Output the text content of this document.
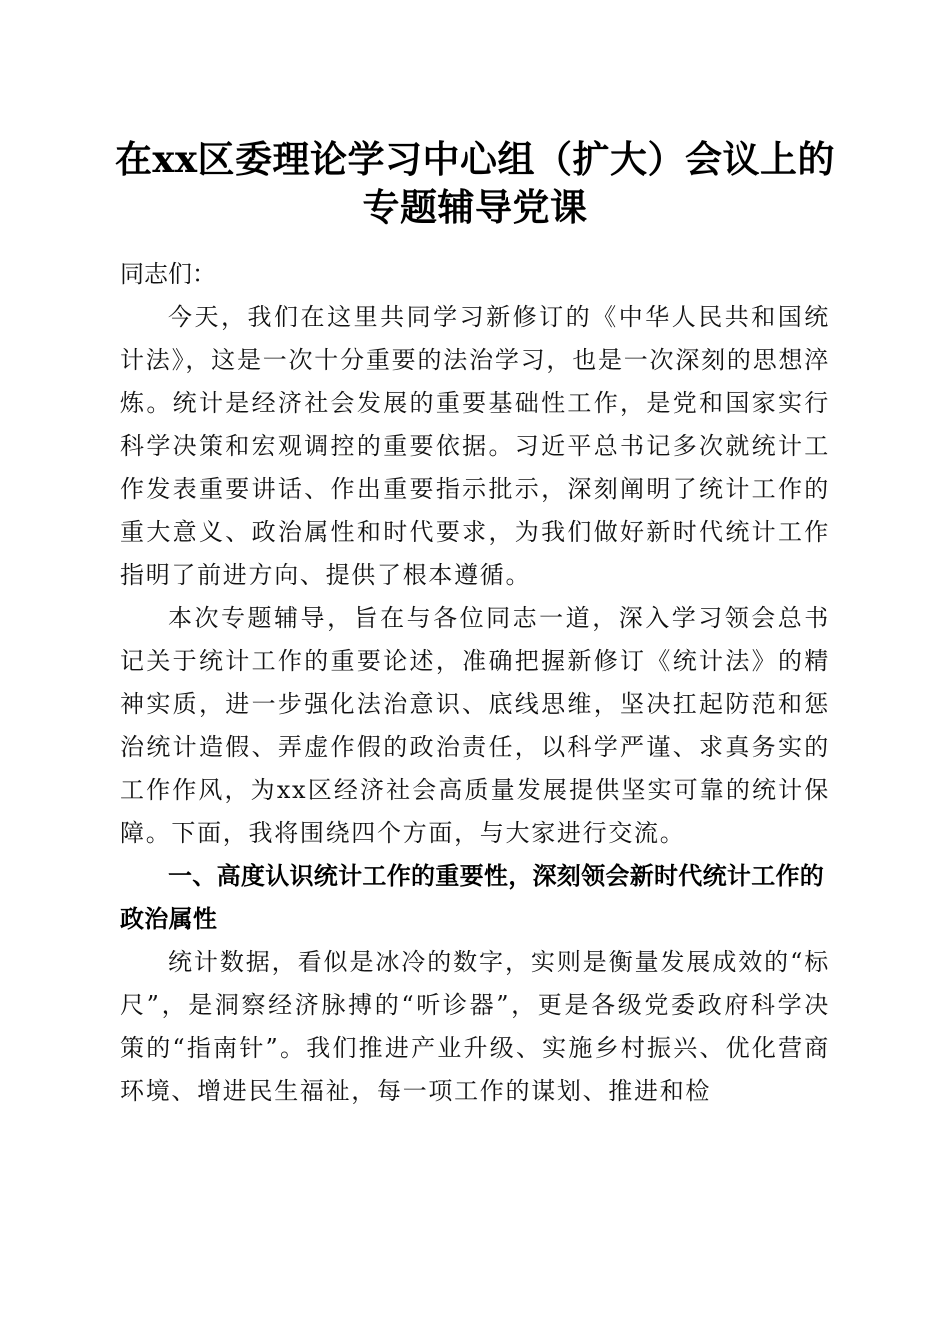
在xx区委理论学习中心组（扩大）会议上的
专题辅导党课

同志们：

今天，我们在这里共同学习新修订的《中华人民共和国统计法》，这是一次十分重要的法治学习，也是一次深刻的思想淬炼。统计是经济社会发展的重要基础性工作，是党和国家实行科学决策和宏观调控的重要依据。习近平总书记多次就统计工作发表重要讲话、作出重要指示批示，深刻阐明了统计工作的重大意义、政治属性和时代要求，为我们做好新时代统计工作指明了前进方向、提供了根本遵循。

本次专题辅导，旨在与各位同志一道，深入学习领会总书记关于统计工作的重要论述，准确把握新修订《统计法》的精神实质，进一步强化法治意识、底线思维，坚决扛起防范和惩治统计造假、弄虚作假的政治责任，以科学严谨、求真务实的工作作风，为xx区经济社会高质量发展提供坚实可靠的统计保障。下面，我将围绕四个方面，与大家进行交流。

一、高度认识统计工作的重要性，深刻领会新时代统计工作的政治属性

统计数据，看似是冰冷的数字，实则是衡量发展成效的“标尺”，是洞察经济脉搏的“听诊器”，更是各级党委政府科学决策的“指南针”。我们推进产业升级、实施乡村振兴、优化营商环境、增进民生福祉，每一项工作的谋划、推进和检
